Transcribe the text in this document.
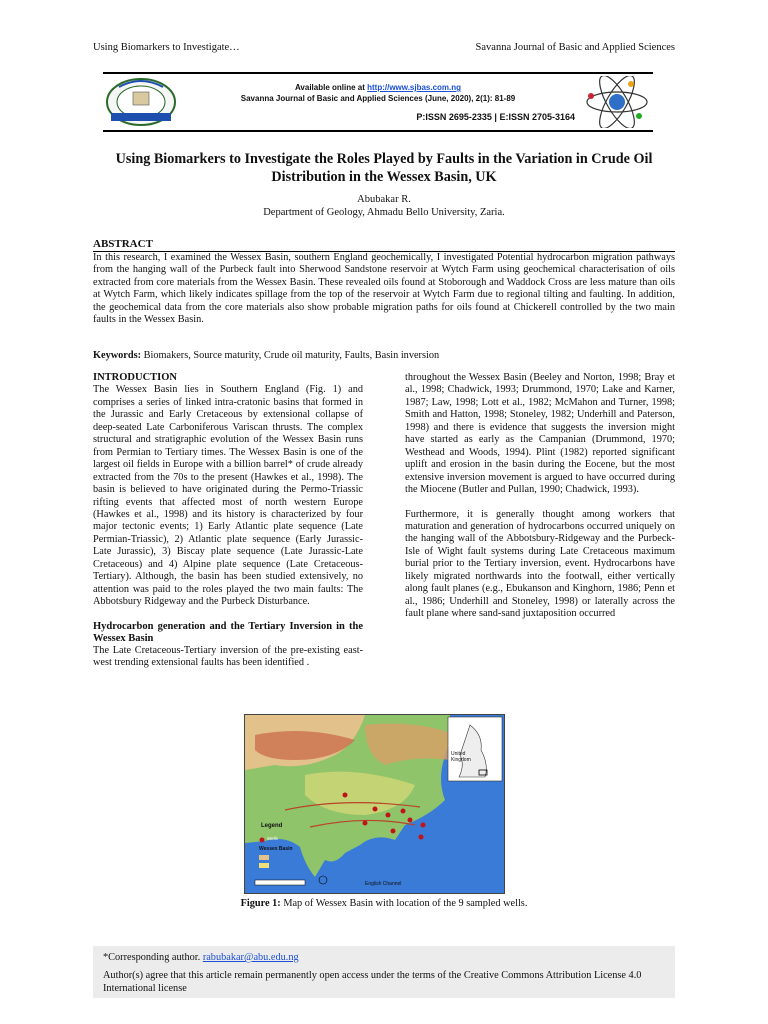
Using Biomarkers to Investigate…	Savanna Journal of Basic and Applied Sciences
Available online at http://www.sjbas.com.ng
Savanna Journal of Basic and Applied Sciences (June, 2020), 2(1): 81-89
P:ISSN 2695-2335 | E:ISSN 2705-3164
Using Biomarkers to Investigate the Roles Played by Faults in the Variation in Crude Oil Distribution in the Wessex Basin, UK
Abubakar R.
Department of Geology, Ahmadu Bello University, Zaria.
ABSTRACT
In this research, I examined the Wessex Basin, southern England geochemically, I investigated Potential hydrocarbon migration pathways from the hanging wall of the Purbeck fault into Sherwood Sandstone reservoir at Wytch Farm using geochemical characterisation of oils extracted from core materials from the Wessex Basin. These revealed oils found at Stoborough and Waddock Cross are less mature than oils at Wytch Farm, which likely indicates spillage from the top of the reservoir at Wytch Farm due to regional tilting and faulting. In addition, the geochemical data from the core materials also show probable migration paths for oils found at Chickerell controlled by the two main faults in the Wessex Basin.
Keywords: Biomakers, Source maturity, Crude oil maturity, Faults, Basin inversion
INTRODUCTION
The Wessex Basin lies in Southern England (Fig. 1) and comprises a series of linked intra-cratonic basins that formed in the Jurassic and Early Cretaceous by extensional collapse of deep-seated Late Carboniferous Variscan thrusts. The complex structural and stratigraphic evolution of the Wessex Basin runs from Permian to Tertiary times. The Wessex Basin is one of the largest oil fields in Europe with a billion barrel* of crude already extracted from the 70s to the present (Hawkes et al., 1998). The basin is believed to have originated during the Permo-Triassic rifting events that affected most of north western Europe (Hawkes et al., 1998) and its history is characterized by four major tectonic events; 1) Early Atlantic plate sequence (Late Permian-Triassic), 2) Atlantic plate sequence (Early Jurassic-Late Jurassic), 3) Biscay plate sequence (Late Jurassic-Late Cretaceous) and 4) Alpine plate sequence (Late Cretaceous-Tertiary). Although, the basin has been studied extensively, no attention was paid to the roles played the two main faults: The Abbotsbury Ridgeway and the Purbeck Disturbance.
Hydrocarbon generation and the Tertiary Inversion in the Wessex Basin
The Late Cretaceous-Tertiary inversion of the pre-existing east-west trending extensional faults has been identified .
throughout the Wessex Basin (Beeley and Norton, 1998; Bray et al., 1998; Chadwick, 1993; Drummond, 1970; Lake and Karner, 1987; Law, 1998; Lott et al., 1982; McMahon and Turner, 1998; Smith and Hatton, 1998; Stoneley, 1982; Underhill and Paterson, 1998) and there is evidence that suggests the inversion might have started as early as the Campanian (Drummond, 1970; Westhead and Woods, 1994). Plint (1982) reported significant uplift and erosion in the basin during the Eocene, but the most extensive inversion movement is argued to have occurred during the Miocene (Butler and Pullan, 1990; Chadwick, 1993).
Furthermore, it is generally thought among workers that maturation and generation of hydrocarbons occurred uniquely on the hanging wall of the Abbotsbury-Ridgeway and the Purbeck-Isle of Wight fault systems during Late Cretaceous maximum burial prior to the Tertiary inversion, event. Hydrocarbons have likely migrated northwards into the footwall, either vertically along fault planes (e.g., Ebukanson and Kinghorn, 1986; Penn et al., 1986; Underhill and Stoneley, 1998) or laterally across the fault plane where sand-sand juxtaposition occurred
United Kingdom
Legend
Wells
Wessex Basin
English Channel
Figure 1: Map of Wessex Basin with location of the 9 sampled wells.
*Corresponding author. rabubakar@abu.edu.ng
Author(s) agree that this article remain permanently open access under the terms of the Creative Commons Attribution License 4.0 International license
